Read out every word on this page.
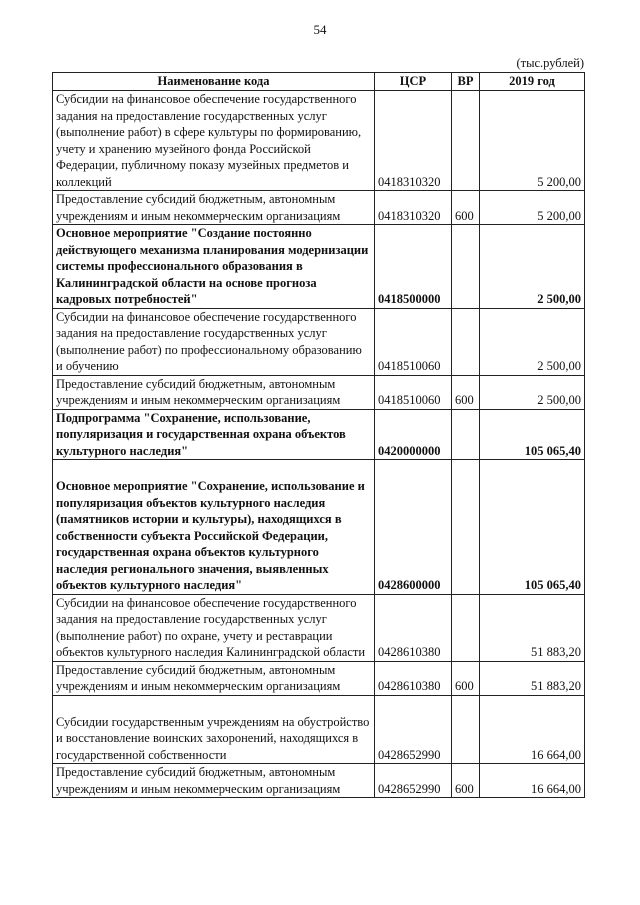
54
(тыс.рублей)
Наименование кода	ЦСР	ВР	2019 год

Субсидии на финансовое обеспечение государственного задания на предоставление государственных услуг (выполнение работ) в сфере культуры по формированию, учету и хранению музейного фонда Российской Федерации, публичному показу музейных предметов и коллекций	0418310320		5 200,00

Предоставление субсидий бюджетным, автономным учреждениям и иным некоммерческим организациям	0418310320	600	5 200,00

Основное мероприятие "Создание постоянно действующего механизма планирования модернизации системы профессионального образования в Калининградской области на основе прогноза кадровых потребностей"	0418500000		2 500,00

Субсидии на финансовое обеспечение государственного задания на предоставление государственных услуг (выполнение работ) по профессиональному образованию и обучению	0418510060		2 500,00

Предоставление субсидий бюджетным, автономным учреждениям и иным некоммерческим организациям	0418510060	600	2 500,00

Подпрограмма "Сохранение, использование, популяризация и государственная охрана объектов культурного наследия"	0420000000		105 065,40

Основное мероприятие "Сохранение, использование и популяризация объектов культурного наследия (памятников истории и культуры), находящихся в собственности субъекта Российской Федерации, государственная охрана объектов культурного наследия регионального значения, выявленных объектов культурного наследия"	0428600000		105 065,40

Субсидии на финансовое обеспечение государственного задания на предоставление государственных услуг (выполнение работ) по охране, учету и реставрации объектов культурного наследия Калининградской области	0428610380		51 883,20

Предоставление субсидий бюджетным, автономным учреждениям и иным некоммерческим организациям	0428610380	600	51 883,20

Субсидии государственным учреждениям на обустройство и восстановление воинских захоронений, находящихся в государственной собственности	0428652990		16 664,00

Предоставление субсидий бюджетным, автономным учреждениям и иным некоммерческим организациям	0428652990	600	16 664,00
